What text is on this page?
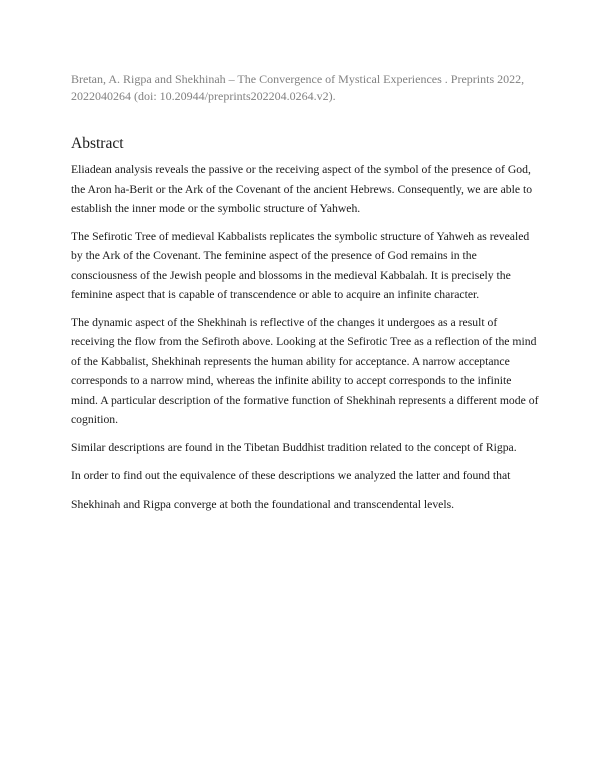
Bretan, A. Rigpa and Shekhinah – The Convergence of Mystical Experiences . Preprints 2022, 2022040264 (doi: 10.20944/preprints202204.0264.v2).
Abstract

Eliadean analysis reveals the passive or the receiving aspect of the symbol of the presence of God, the Aron ha-Berit or the Ark of the Covenant of the ancient Hebrews. Consequently, we are able to establish the inner mode or the symbolic structure of Yahweh.

The Sefirotic Tree of medieval Kabbalists replicates the symbolic structure of Yahweh as revealed by the Ark of the Covenant. The feminine aspect of the presence of God remains in the consciousness of the Jewish people and blossoms in the medieval Kabbalah. It is precisely the feminine aspect that is capable of transcendence or able to acquire an infinite character.

The dynamic aspect of the Shekhinah is reflective of the changes it undergoes as a result of receiving the flow from the Sefiroth above. Looking at the Sefirotic Tree as a reflection of the mind of the Kabbalist, Shekhinah represents the human ability for acceptance. A narrow acceptance corresponds to a narrow mind, whereas the infinite ability to accept corresponds to the infinite mind. A particular description of the formative function of Shekhinah represents a different mode of cognition.

Similar descriptions are found in the Tibetan Buddhist tradition related to the concept of Rigpa.

In order to find out the equivalence of these descriptions we analyzed the latter and found that

Shekhinah and Rigpa converge at both the foundational and transcendental levels.
